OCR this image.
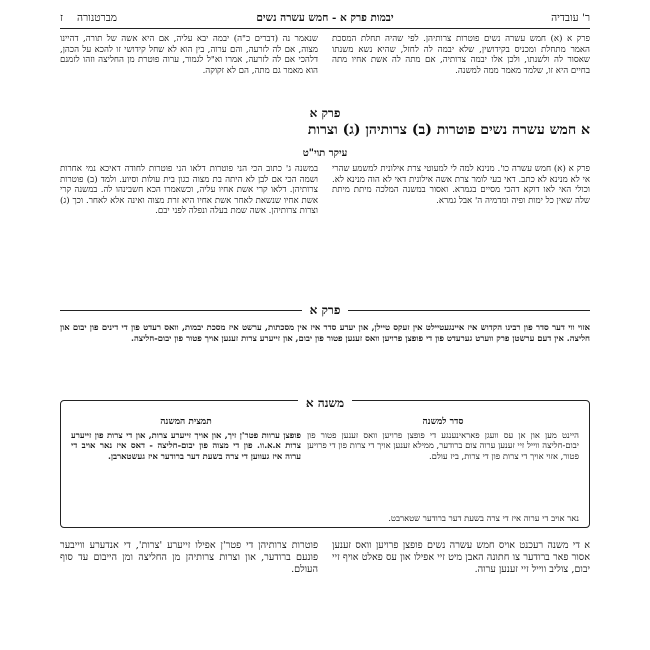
ר' עובדיה
יבמות פרק א - חמש עשרה נשים
מברטנורה
ז

פרק א (א) חמש עשרה נשים פוטרות צרותיהן. לפי שהיה תחלת המסכת האמר מתחלת ומכניס בקידושין, שלא יבמה לה לחזל, שהיא נשא משנתו שאסור לה ולשנתו, ולכן אלו יבמה צרותיה, אם מתה לה אשת אחיו מתה בחיים היא זו, שלמד מאמר ממה למשנה.

שנאמר נה (דברים כ"ה) יבמה יבא עליה, אם היא אשה של תורה, דהיינו מצוה, אם לה לזרעה, והם ערוה, בין הוא לא שחל קידושי זו להכא על הכהן, דלהכי אם לה לזרעה, אמרו וא"ל לגמור, ערוה פוטרת מן החליצה וזהו לזמנם הוא מאמר גם מתה, הם לא זקוקה.

פרק א
א חמש עשרה נשים פוטרות (ב) צרותיהן (ג) וצרות
עיקר תוי"ט

פרק א (א) חמש עשרה כו'. מנינא למה לי למעוטי צרת אילונית למשמע שהרי אי לא מנינא לא כתב. דאי בעי לומר צרת אשה אילונית דאי לא הוה מנינא לא. וכולי האי לאו דוקא דהכי מסיים בגמרא. ואסור במשנה המלכה מיתת מיתת שלה שאין כל ימות ופיה ומדמיה ה' אבל גמרא.

במשנה ג' כתוב הכי הני פוטרות דלאו הני פוטרות לחודה דאיכא נמי אחרות ושמה הכי אם לבן לא היתה בת מצוה כגון בית עולות וסיוע. ולמד (ב) פוטרות צרותיהן. דלאו קרי אשת אחיו עליה, וכשאמרו הכא חשבינהו לה. במשנה קרי אשת אחיו שנשאת לאחר אשת אחיו היא זרת מצוה ואינה אלא לאחר. וכך (ג) וצרות צרותיהן. אשה שמת בעלה ונפלה לפני יבם.

פרק א
אזוי ווי דער סדר פון רבינו הקדוש איז איינגעטיילט אין זעקס טיילן, און יעדע סדר איז אין מסכתות, ערשט איז מסכת יבמות, וואס רעדט פון די דינים פון יבום און חליצה. אין דעם ערשטן פרק ווערט גערעדט פון די פופצן פרויען וואס זענען פטור פון יבום, און זייערע צרות זענען אויך פטור פון יבום-חליצה.
משנה א
סדר למשנה
היינט מען און אן עס וועגן פאראינענגע די פופצן פרויען וואס זענען פטור פון יבום-חליצה ווייל זיי זענען ערוה צום ברודער, ממילא זענען אויך די צרות פון די פרויען פטור, אזוי אויך די צרות פון די צרות, ביז עולם.
תמצית המשנה
פופצן ערוות פטר'ן זיך, און אויך זייערע צרות, און די צרות פון זייערע צרות א.א.וו. פון די מצוה פון יבום-חליצה - דאס איז נאר אויב די ערוה איז געווען די צרה בשעת דער ברודער איז געשטארבן.
נאר אויב די ערוה איז די צרה בשעת דער ברודער שטארבט.

א די משנה רעכנט אויס חמש עשרה נשים פופצן פרויען וואס זענען אסור פאר ברודער צו חתונה האבן מיט זיי אפילו און עס פאלט אויף זיי יבום, צוליב ווייל זיי זענען ערוה.

פוטרות צרותיהן די פטר'ן אפילו זייערע 'צרות', די אנדערע ווייבער פונעם ברודער, און וצרות צרותיהן מן החליצה ומן הייבום עד סוף העולם.
